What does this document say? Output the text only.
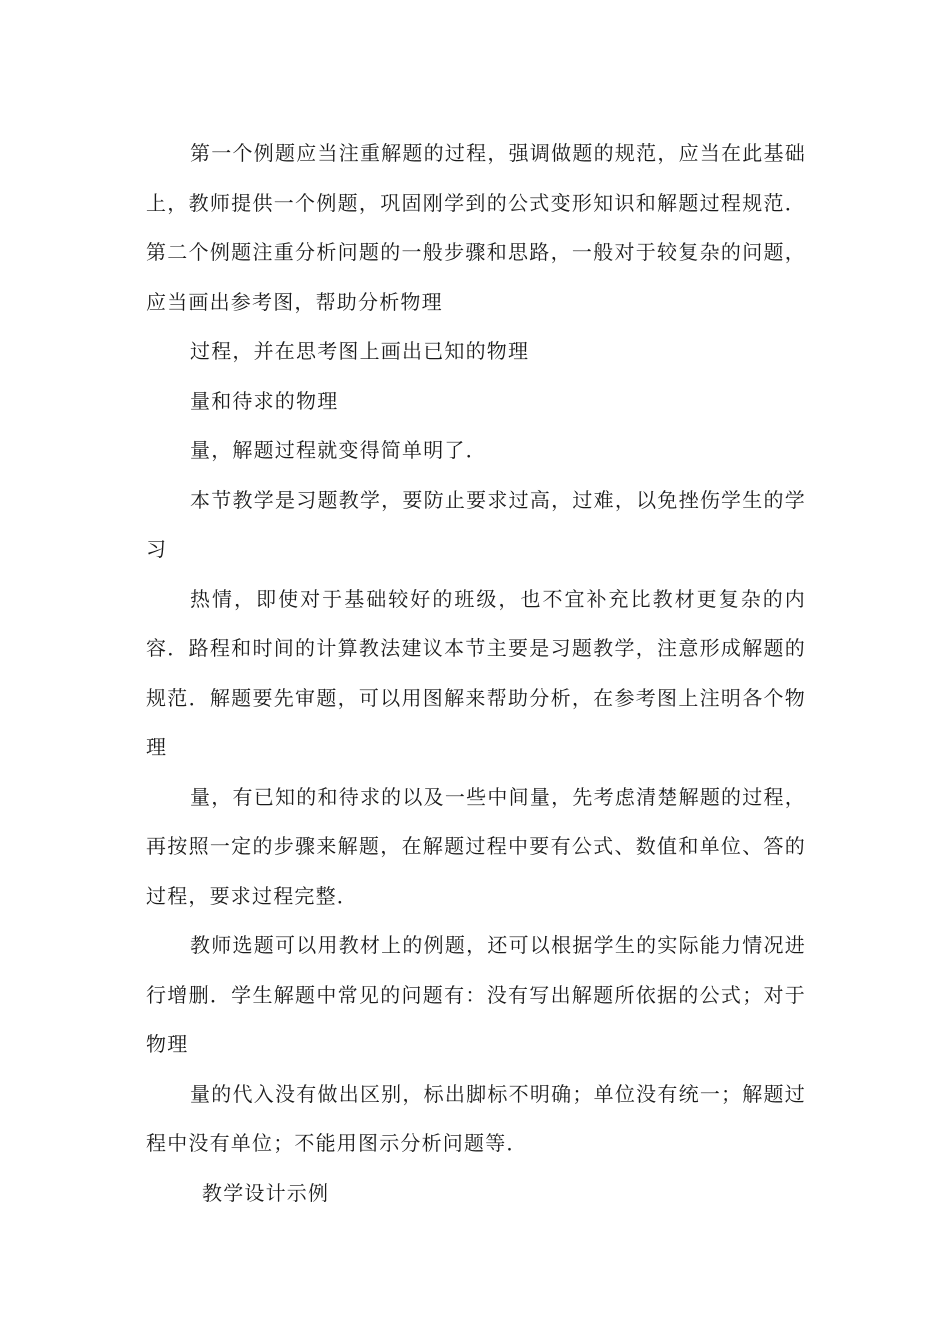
第一个例题应当注重解题的过程，强调做题的规范，应当在此基础上，教师提供一个例题，巩固刚学到的公式变形知识和解题过程规范．第二个例题注重分析问题的一般步骤和思路，一般对于较复杂的问题，应当画出参考图，帮助分析物理

过程，并在思考图上画出已知的物理

量和待求的物理

量，解题过程就变得简单明了．

本节教学是习题教学，要防止要求过高，过难，以免挫伤学生的学习

热情，即使对于基础较好的班级，也不宜补充比教材更复杂的内容．路程和时间的计算教法建议本节主要是习题教学，注意形成解题的规范．解题要先审题，可以用图解来帮助分析，在参考图上注明各个物理

量，有已知的和待求的以及一些中间量，先考虑清楚解题的过程，再按照一定的步骤来解题，在解题过程中要有公式、数值和单位、答的过程，要求过程完整．

教师选题可以用教材上的例题，还可以根据学生的实际能力情况进行增删．学生解题中常见的问题有：没有写出解题所依据的公式；对于物理

量的代入没有做出区别，标出脚标不明确；单位没有统一；解题过程中没有单位；不能用图示分析问题等．

教学设计示例
